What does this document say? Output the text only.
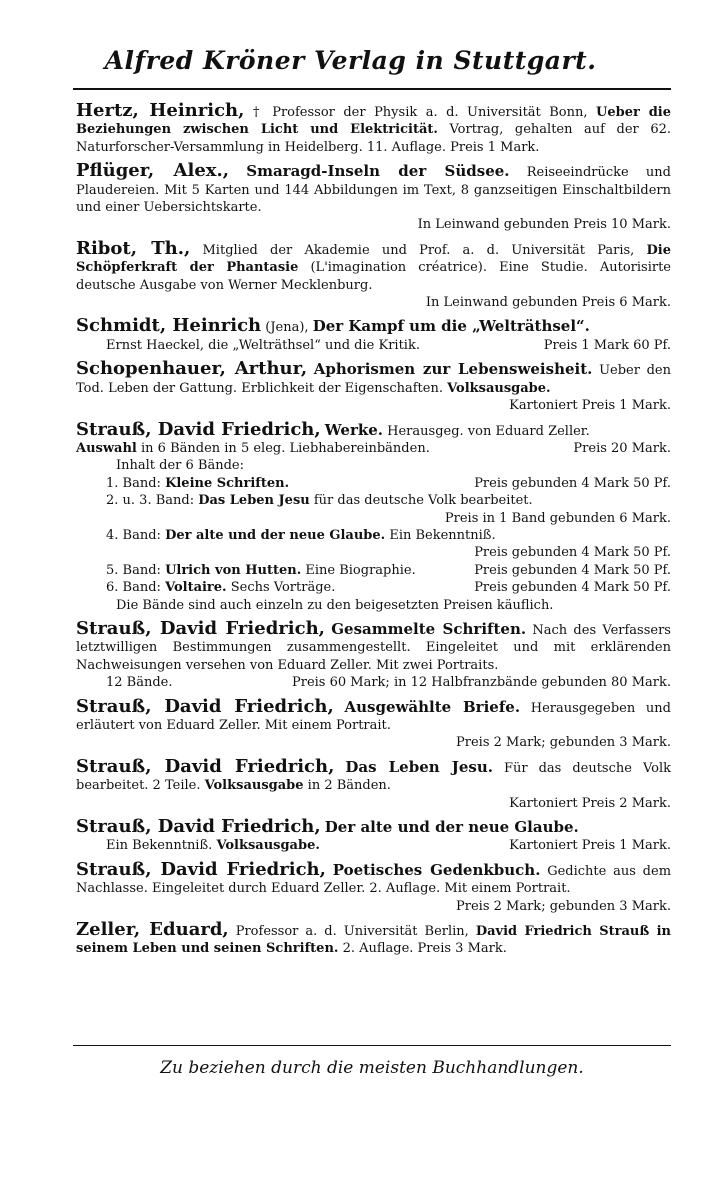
Alfred Kröner Verlag in Stuttgart.

Hertz, Heinrich, † Professor der Physik a. d. Universität Bonn, Ueber die Beziehungen zwischen Licht und Elektricität. Vortrag, gehalten auf der 62. Naturforscher-Versammlung in Heidelberg. 11. Auflage. Preis 1 Mark.

Pflüger, Alex., Smaragd-Inseln der Südsee. Reiseeindrücke und Plaudereien. Mit 5 Karten und 144 Abbildungen im Text, 8 ganzseitigen Einschaltbildern und einer Uebersichtskarte.

In Leinwand gebunden Preis 10 Mark.

Ribot, Th., Mitglied der Akademie und Prof. a. d. Universität Paris, Die Schöpferkraft der Phantasie (L'imagination créatrice). Eine Studie. Autorisirte deutsche Ausgabe von Werner Mecklenburg.

In Leinwand gebunden Preis 6 Mark.

Schmidt, Heinrich (Jena), Der Kampf um die „Welträthsel“.

Ernst Haeckel, die „Welträthsel“ und die Kritik.	Preis 1 Mark 60 Pf.

Schopenhauer, Arthur, Aphorismen zur Lebensweisheit. Ueber den Tod. Leben der Gattung. Erblichkeit der Eigenschaften. Volksausgabe.

Kartoniert Preis 1 Mark.

Strauß, David Friedrich, Werke. Herausgeg. von Eduard Zeller.

Auswahl in 6 Bänden in 5 eleg. Liebhabereinbänden.	Preis 20 Mark.

Inhalt der 6 Bände:

1. Band: Kleine Schriften.	Preis gebunden 4 Mark 50 Pf.

2. u. 3. Band: Das Leben Jesu für das deutsche Volk bearbeitet.

Preis in 1 Band gebunden 6 Mark.

4. Band: Der alte und der neue Glaube. Ein Bekenntniß.

Preis gebunden 4 Mark 50 Pf.

5. Band: Ulrich von Hutten. Eine Biographie.	Preis gebunden 4 Mark 50 Pf.

6. Band: Voltaire. Sechs Vorträge.	Preis gebunden 4 Mark 50 Pf.

Die Bände sind auch einzeln zu den beigesetzten Preisen käuflich.

Strauß, David Friedrich, Gesammelte Schriften. Nach des Verfassers letztwilligen Bestimmungen zusammengestellt. Eingeleitet und mit erklärenden Nachweisungen versehen von Eduard Zeller. Mit zwei Portraits.

12 Bände.	Preis 60 Mark; in 12 Halbfranzbände gebunden 80 Mark.

Strauß, David Friedrich, Ausgewählte Briefe. Herausgegeben und erläutert von Eduard Zeller. Mit einem Portrait.

Preis 2 Mark; gebunden 3 Mark.

Strauß, David Friedrich, Das Leben Jesu. Für das deutsche Volk bearbeitet. 2 Teile. Volksausgabe in 2 Bänden.

Kartoniert Preis 2 Mark.

Strauß, David Friedrich, Der alte und der neue Glaube.

Ein Bekenntniß. Volksausgabe.	Kartoniert Preis 1 Mark.

Strauß, David Friedrich, Poetisches Gedenkbuch. Gedichte aus dem Nachlasse. Eingeleitet durch Eduard Zeller. 2. Auflage. Mit einem Portrait.

Preis 2 Mark; gebunden 3 Mark.

Zeller, Eduard, Professor a. d. Universität Berlin, David Friedrich Strauß in seinem Leben und seinen Schriften. 2. Auflage. Preis 3 Mark.

Zu beziehen durch die meisten Buchhandlungen.
